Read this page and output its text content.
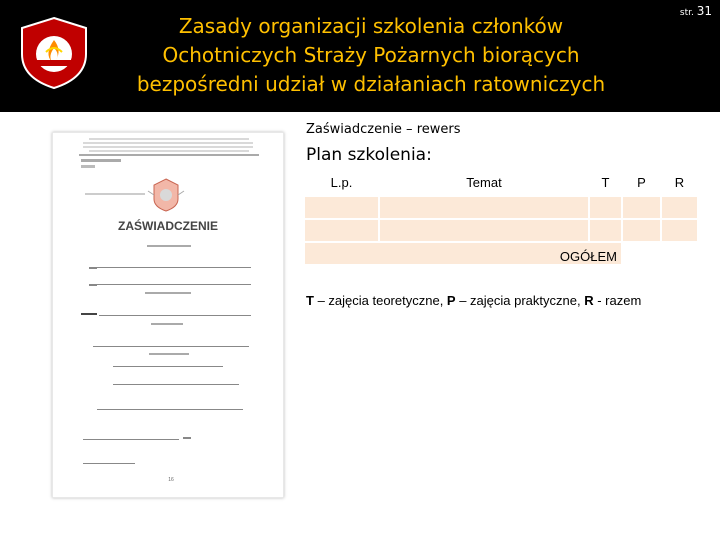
Zasady organizacji szkolenia członków Ochotniczych Straży Pożarnych biorących bezpośredni udział w działaniach ratowniczych
str. 31
ZAŚWIADCZENIE
16
Zaświadczenie – rewers
Plan szkolenia:
L.p.	Temat	T	P	R

OGÓŁEM				
T – zajęcia teoretyczne, P – zajęcia praktyczne, R - razem
